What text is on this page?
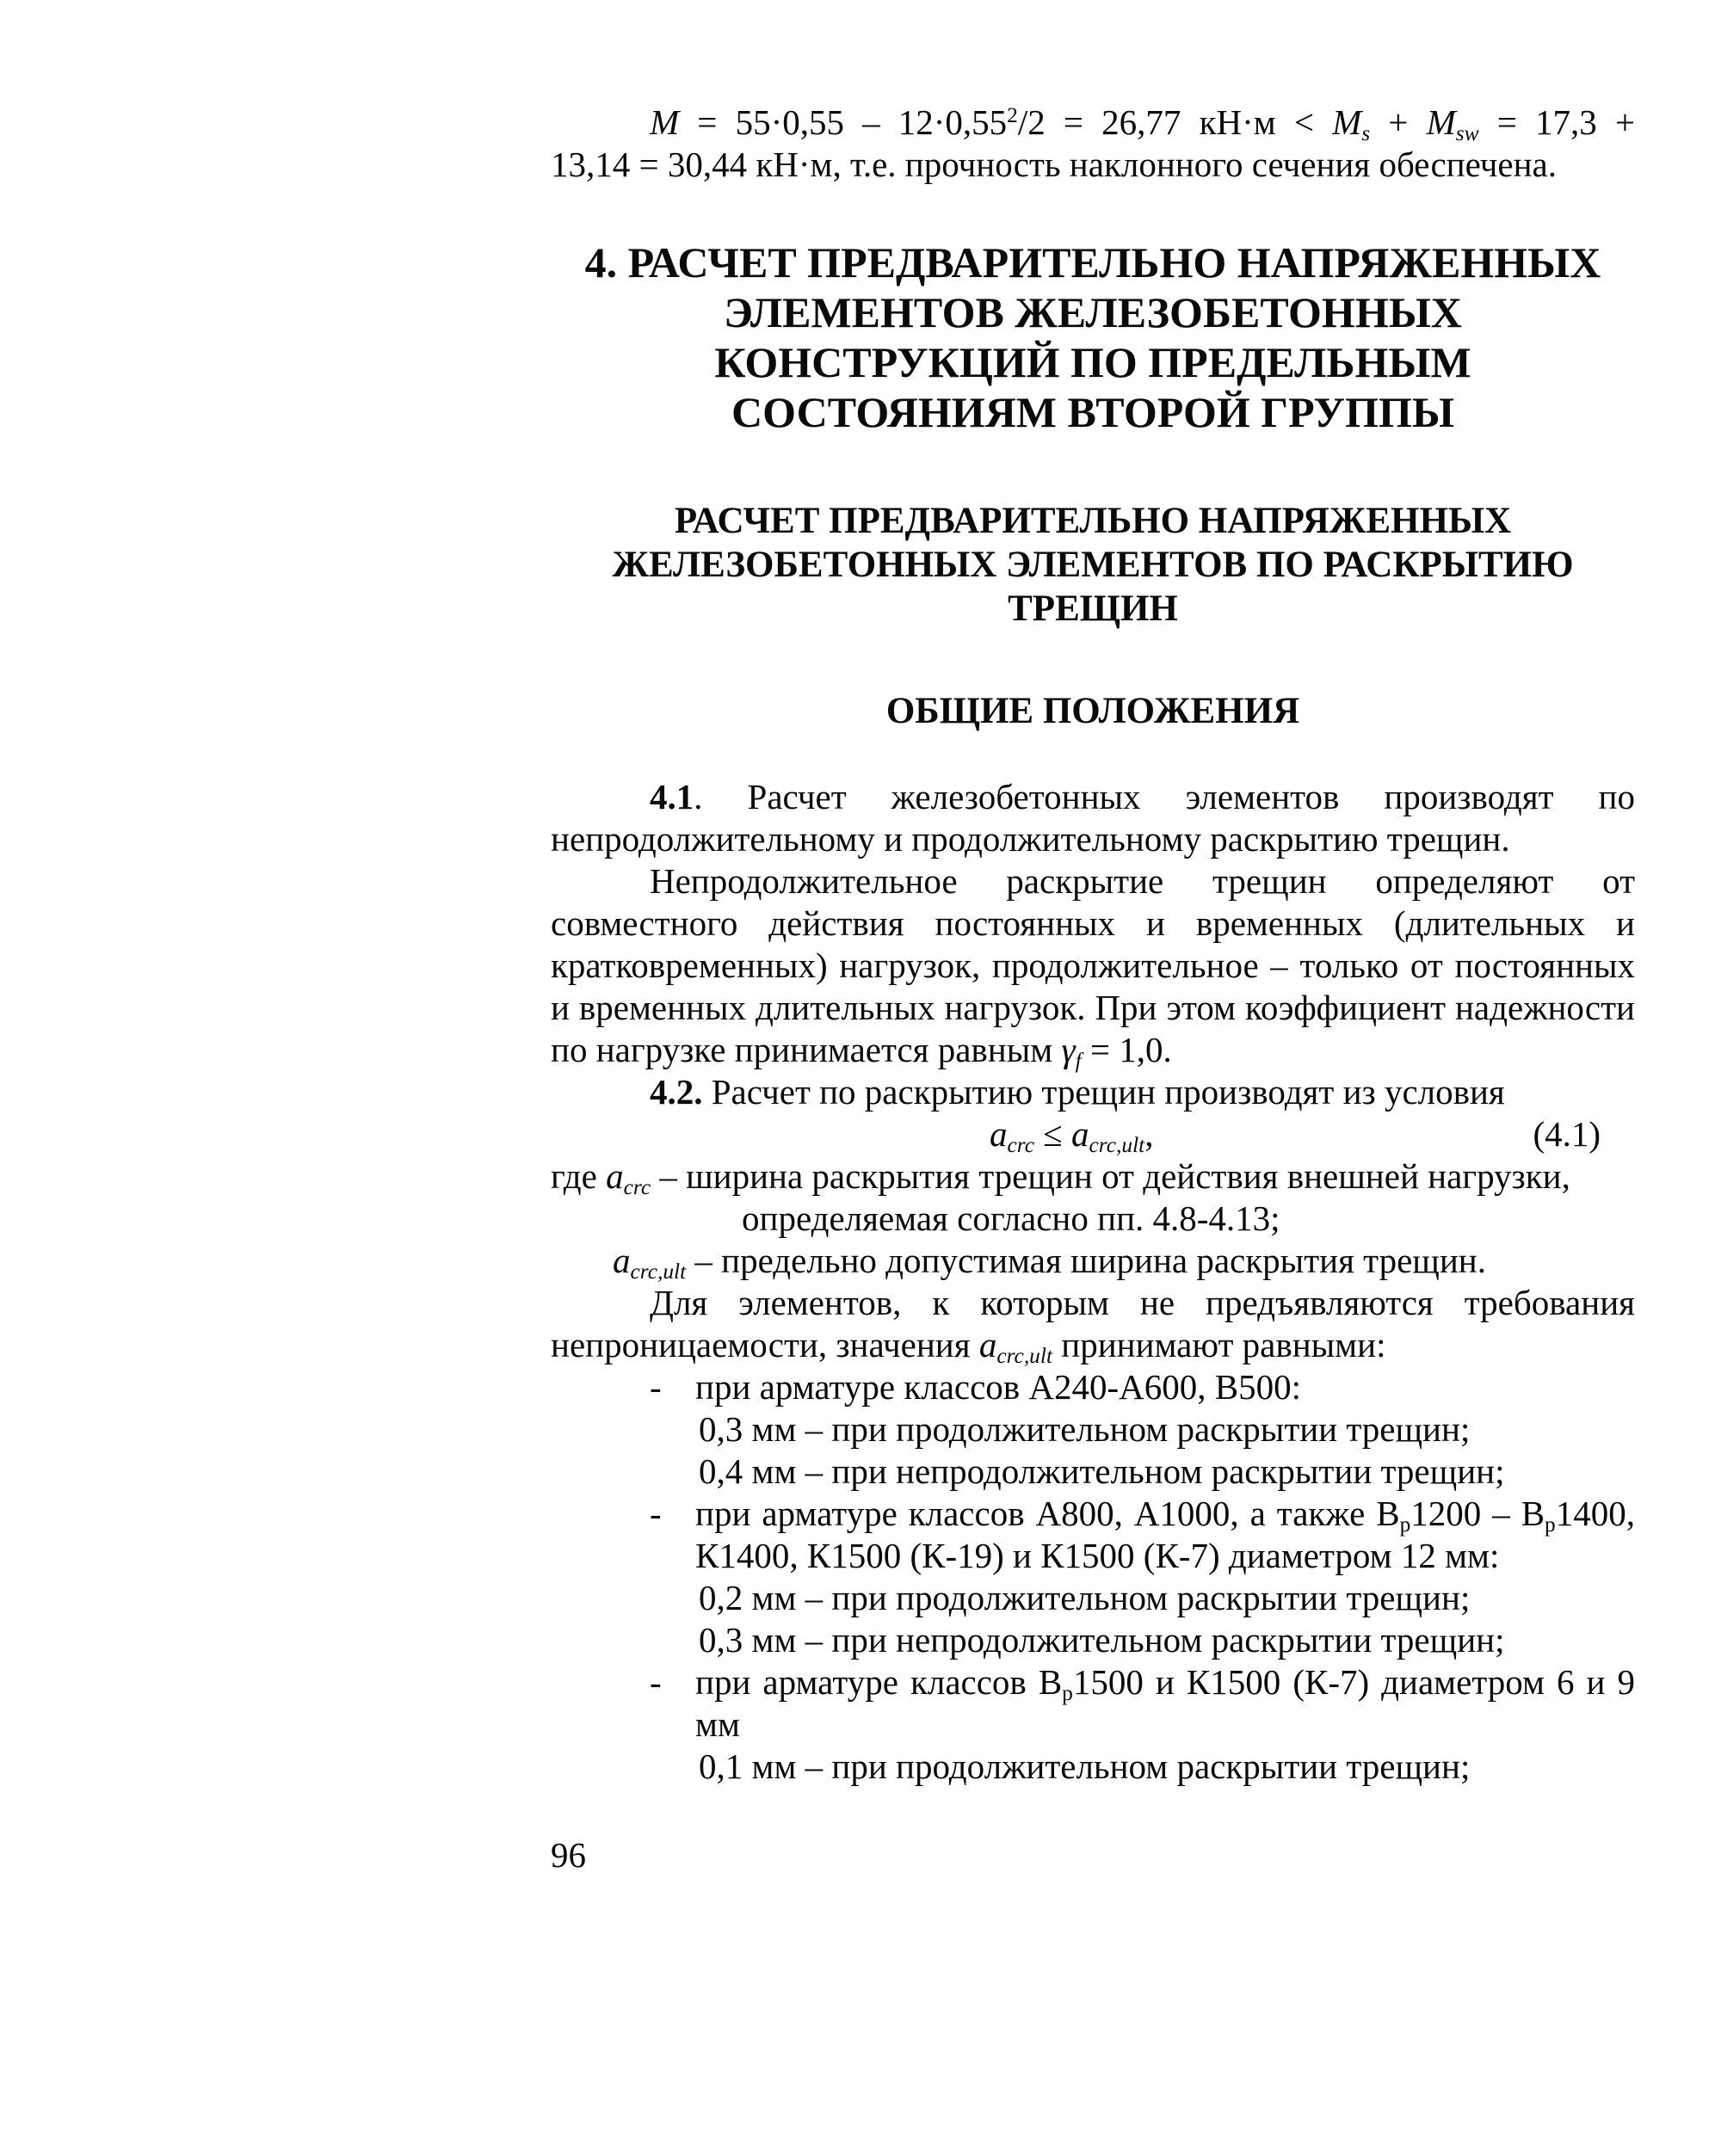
$M = 55\cdot 0,55 - 12\cdot 0,55^2/2 = 26,77$ $кН\cdot м < M_s + M_{sw} = 17,3$ +

13,14 = 30,44 кН·м, т.е. прочность наклонного сечения обеспечена.

4. РАСЧЕТ ПРЕДВАРИТЕЛЬНО НАПРЯЖЕННЫХ ЭЛЕМЕНТОВ ЖЕЛЕЗОБЕТОННЫХ КОНСТРУКЦИЙ ПО ПРЕДЕЛЬНЫМ СОСТОЯНИЯМ ВТОРОЙ ГРУППЫ
РАСЧЕТ ПРЕДВАРИТЕЛЬНО НАПРЯЖЕННЫХ ЖЕЛЕЗОБЕТОННЫХ ЭЛЕМЕНТОВ ПО РАСКРЫТИЮ ТРЕЩИН
ОБЩИЕ ПОЛОЖЕНИЯ

4.1. Расчет железобетонных элементов производят по непродолжительному и продолжительному раскрытию трещин.

Непродолжительное раскрытие трещин определяют от совместного действия постоянных и временных (длительных и кратковременных) нагрузок, продолжительное – только от постоянных и временных длительных нагрузок. При этом коэффициент надежности по нагрузке принимается равным $\gamma_f = 1,0$.

4.2. Расчет по раскрытию трещин производят из условия

$a_{crc} \le a_{crc,ult}$,	(4.1)

где $a_{crc}$ – ширина раскрытия трещин от действия внешней нагрузки,

определяемая согласно пп. 4.8-4.13;

$a_{crc,ult}$ – предельно допустимая ширина раскрытия трещин.

Для элементов, к которым не предъявляются требования непроницаемости, значения $a_{crc,ult}$ принимают равными:

- при арматуре классов А240-А600, В500:

0,3 мм – при продолжительном раскрытии трещин;

0,4 мм – при непродолжительном раскрытии трещин;

- при арматуре классов А800, А1000, а также $В_р1200 - В_р1400$, К1400, К1500 (К-19) и К1500 (К-7) диаметром 12 мм:

0,2 мм – при продолжительном раскрытии трещин;

0,3 мм – при непродолжительном раскрытии трещин;

- при арматуре классов $В_р1500$ и К1500 (К-7) диаметром 6 и 9 мм

0,1 мм – при продолжительном раскрытии трещин;

96
